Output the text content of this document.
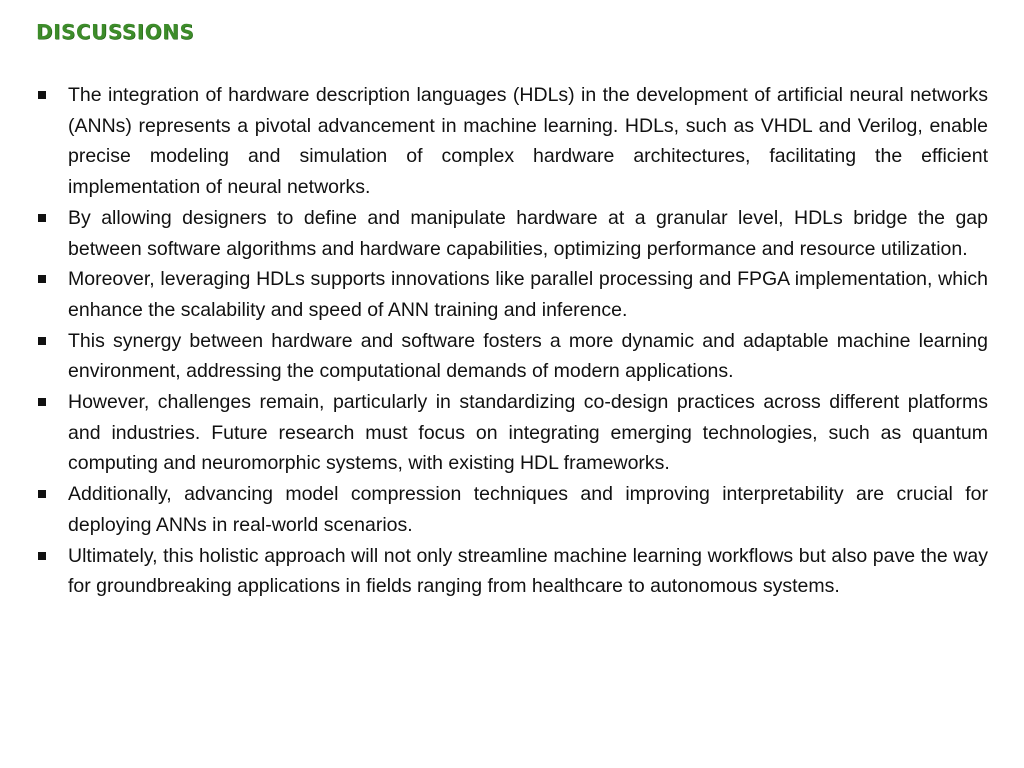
DISCUSSIONS
The integration of hardware description languages (HDLs) in the development of artificial neural networks (ANNs) represents a pivotal advancement in machine learning. HDLs, such as VHDL and Verilog, enable precise modeling and simulation of complex hardware architectures, facilitating the efficient implementation of neural networks.
By allowing designers to define and manipulate hardware at a granular level, HDLs bridge the gap between software algorithms and hardware capabilities, optimizing performance and resource utilization.
Moreover, leveraging HDLs supports innovations like parallel processing and FPGA implementation, which enhance the scalability and speed of ANN training and inference.
This synergy between hardware and software fosters a more dynamic and adaptable machine learning environment, addressing the computational demands of modern applications.
However, challenges remain, particularly in standardizing co-design practices across different platforms and industries. Future research must focus on integrating emerging technologies, such as quantum computing and neuromorphic systems, with existing HDL frameworks.
Additionally, advancing model compression techniques and improving interpretability are crucial for deploying ANNs in real-world scenarios.
Ultimately, this holistic approach will not only streamline machine learning workflows but also pave the way for groundbreaking applications in fields ranging from healthcare to autonomous systems.
